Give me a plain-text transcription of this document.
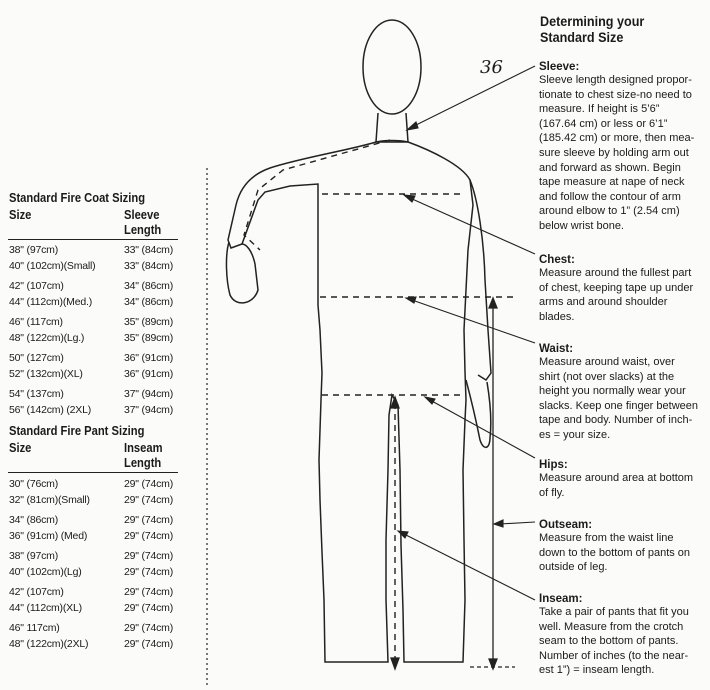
36
Standard Fire Coat Sizing
Size	Sleeve
Length
38" (97cm)	33" (84cm)
40" (102cm)(Small)	33" (84cm)
42" (107cm)	34" (86cm)
44" (112cm)(Med.)	34" (86cm)
46" (117cm)	35" (89cm)
48" (122cm)(Lg.)	35" (89cm)
50" (127cm)	36" (91cm)
52" (132cm)(XL)	36" (91cm)
54" (137cm)	37" (94cm)
56" (142cm) (2XL)	37" (94cm)
Standard Fire Pant Sizing
Size	Inseam
Length
30" (76cm)	29" (74cm)
32" (81cm)(Small)	29" (74cm)
34" (86cm)	29" (74cm)
36" (91cm) (Med)	29" (74cm)
38" (97cm)	29" (74cm)
40" (102cm)(Lg)	29" (74cm)
42" (107cm)	29" (74cm)
44" (112cm)(XL)	29" (74cm)
46" 117cm)	29" (74cm)
48" (122cm)(2XL)	29" (74cm)
Determining your
Standard Size
Sleeve:
Sleeve length designed propor-
tionate to chest size-no need to
measure. If height is 5’6”
(167.64 cm) or less or 6’1”
(185.42 cm) or more, then mea-
sure sleeve by holding arm out
and forward as shown. Begin
tape measure at nape of neck
and follow the contour of arm
around elbow to 1” (2.54 cm)
below wrist bone.
Chest:
Measure around the fullest part
of chest, keeping tape up under
arms and around shoulder
blades.
Waist:
Measure around waist, over
shirt (not over slacks) at the
height you normally wear your
slacks. Keep one finger between
tape and body. Number of inch-
es = your size.
Hips:
Measure around area at bottom
of fly.
Outseam:
Measure from the waist line
down to the bottom of pants on
outside of leg.
Inseam:
Take a pair of pants that fit you
well. Measure from the crotch
seam to the bottom of pants.
Number of inches (to the near-
est 1”) = inseam length.
